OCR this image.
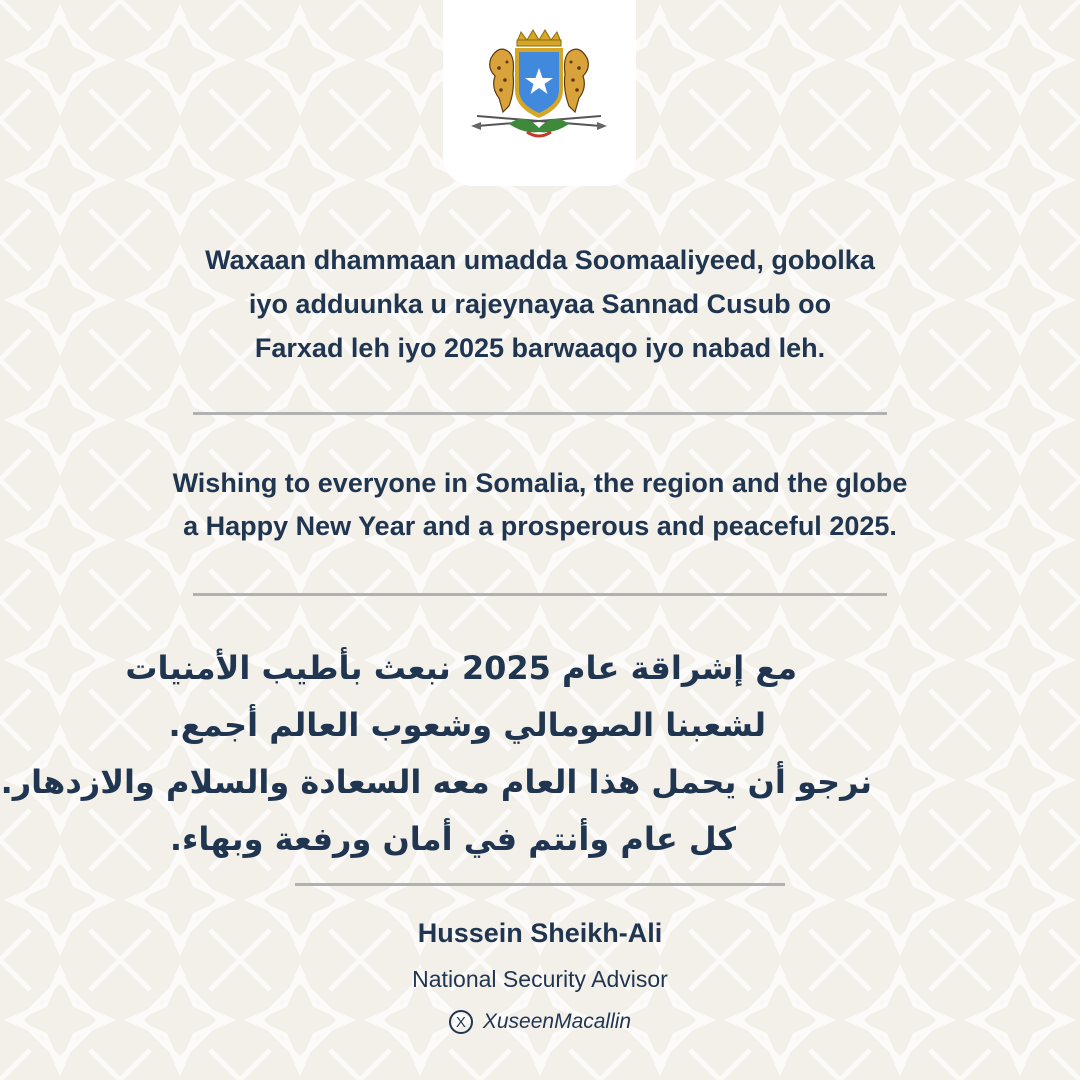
Waxaan dhammaan umadda Soomaaliyeed, gobolka
iyo adduunka u rajeynayaa Sannad Cusub oo
Farxad leh iyo 2025 barwaaqo iyo nabad leh.
Wishing to everyone in Somalia, the region and the globe
a Happy New Year and a prosperous and peaceful 2025.
مع إشراقة عام 2025 نبعث بأطيب الأمنيات
لشعبنا الصومالي وشعوب العالم أجمع.
نرجو أن يحمل هذا العام معه السعادة والسلام والازدهار.
كل عام وأنتم في أمان ورفعة وبهاء.
Hussein Sheikh-Ali
National Security Advisor
X XuseenMacallin
